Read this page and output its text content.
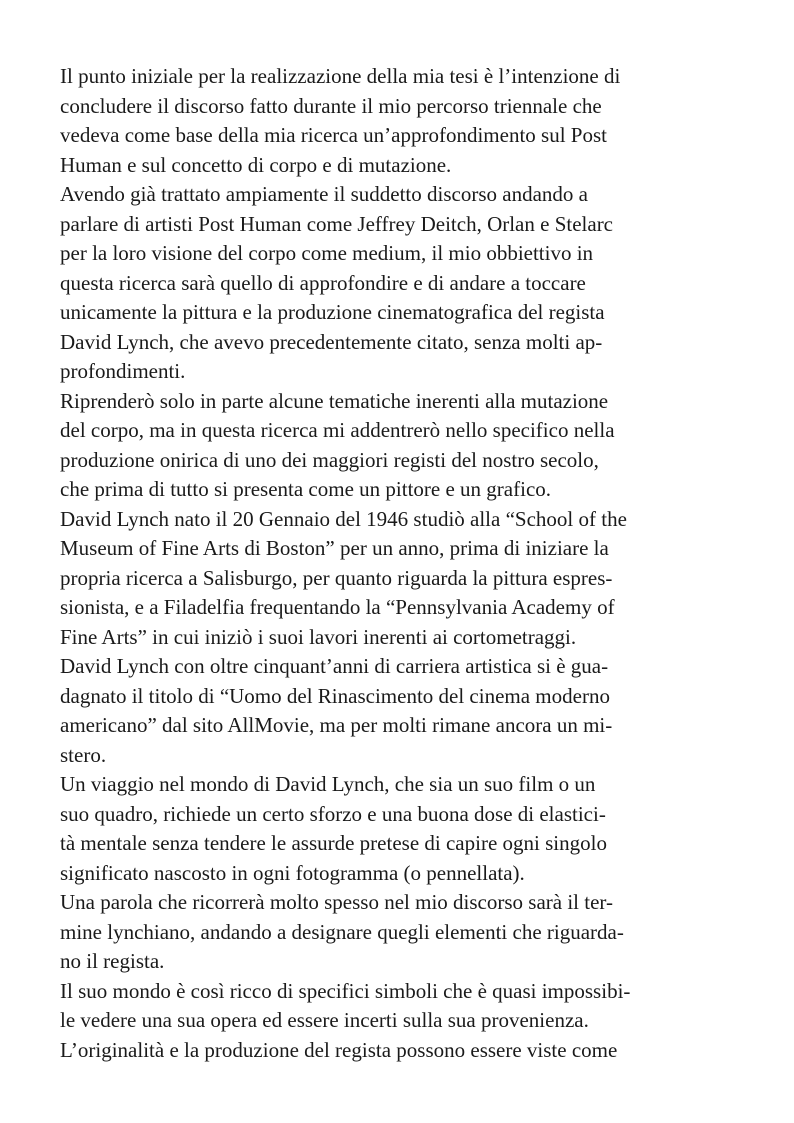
Il punto iniziale per la realizzazione della mia tesi è l’intenzione di
concludere il discorso fatto durante il mio percorso triennale che
vedeva come base della mia ricerca un’approfondimento sul Post
Human e sul concetto di corpo e di mutazione.
Avendo già trattato ampiamente il suddetto discorso andando a
parlare di artisti Post Human come Jeffrey Deitch, Orlan e Stelarc
per la loro visione del corpo come medium, il mio obbiettivo in
questa ricerca sarà quello di approfondire e di andare a toccare
unicamente la pittura e la produzione cinematografica del regista
David Lynch, che avevo precedentemente citato, senza molti ap-
profondimenti.
Riprenderò solo in parte alcune tematiche inerenti alla mutazione
del corpo, ma in questa ricerca mi addentrerò nello specifico nella
produzione onirica di uno dei maggiori registi del nostro secolo,
che prima di tutto si presenta come un pittore e un grafico.
David Lynch nato il 20 Gennaio del 1946 studiò alla “School of the
Museum of Fine Arts di Boston” per un anno, prima di iniziare la
propria ricerca a Salisburgo, per quanto riguarda la pittura espres-
sionista, e a Filadelfia frequentando la “Pennsylvania Academy of
Fine Arts” in cui iniziò i suoi lavori inerenti ai cortometraggi.
David Lynch con oltre cinquant’anni di carriera artistica si è gua-
dagnato il titolo di “Uomo del Rinascimento del cinema moderno
americano” dal sito AllMovie, ma per molti rimane ancora un mi-
stero.
Un viaggio nel mondo di David Lynch, che sia un suo film o un
suo quadro, richiede un certo sforzo e una buona dose di elastici-
tà mentale senza tendere le assurde pretese di capire ogni singolo
significato nascosto in ogni fotogramma (o pennellata).
Una parola che ricorrerà molto spesso nel mio discorso sarà il ter-
mine lynchiano, andando a designare quegli elementi che riguarda-
no il regista.
Il suo mondo è così ricco di specifici simboli che è quasi impossibi-
le vedere una sua opera ed essere incerti sulla sua provenienza.
L’originalità e la produzione del regista possono essere viste come
